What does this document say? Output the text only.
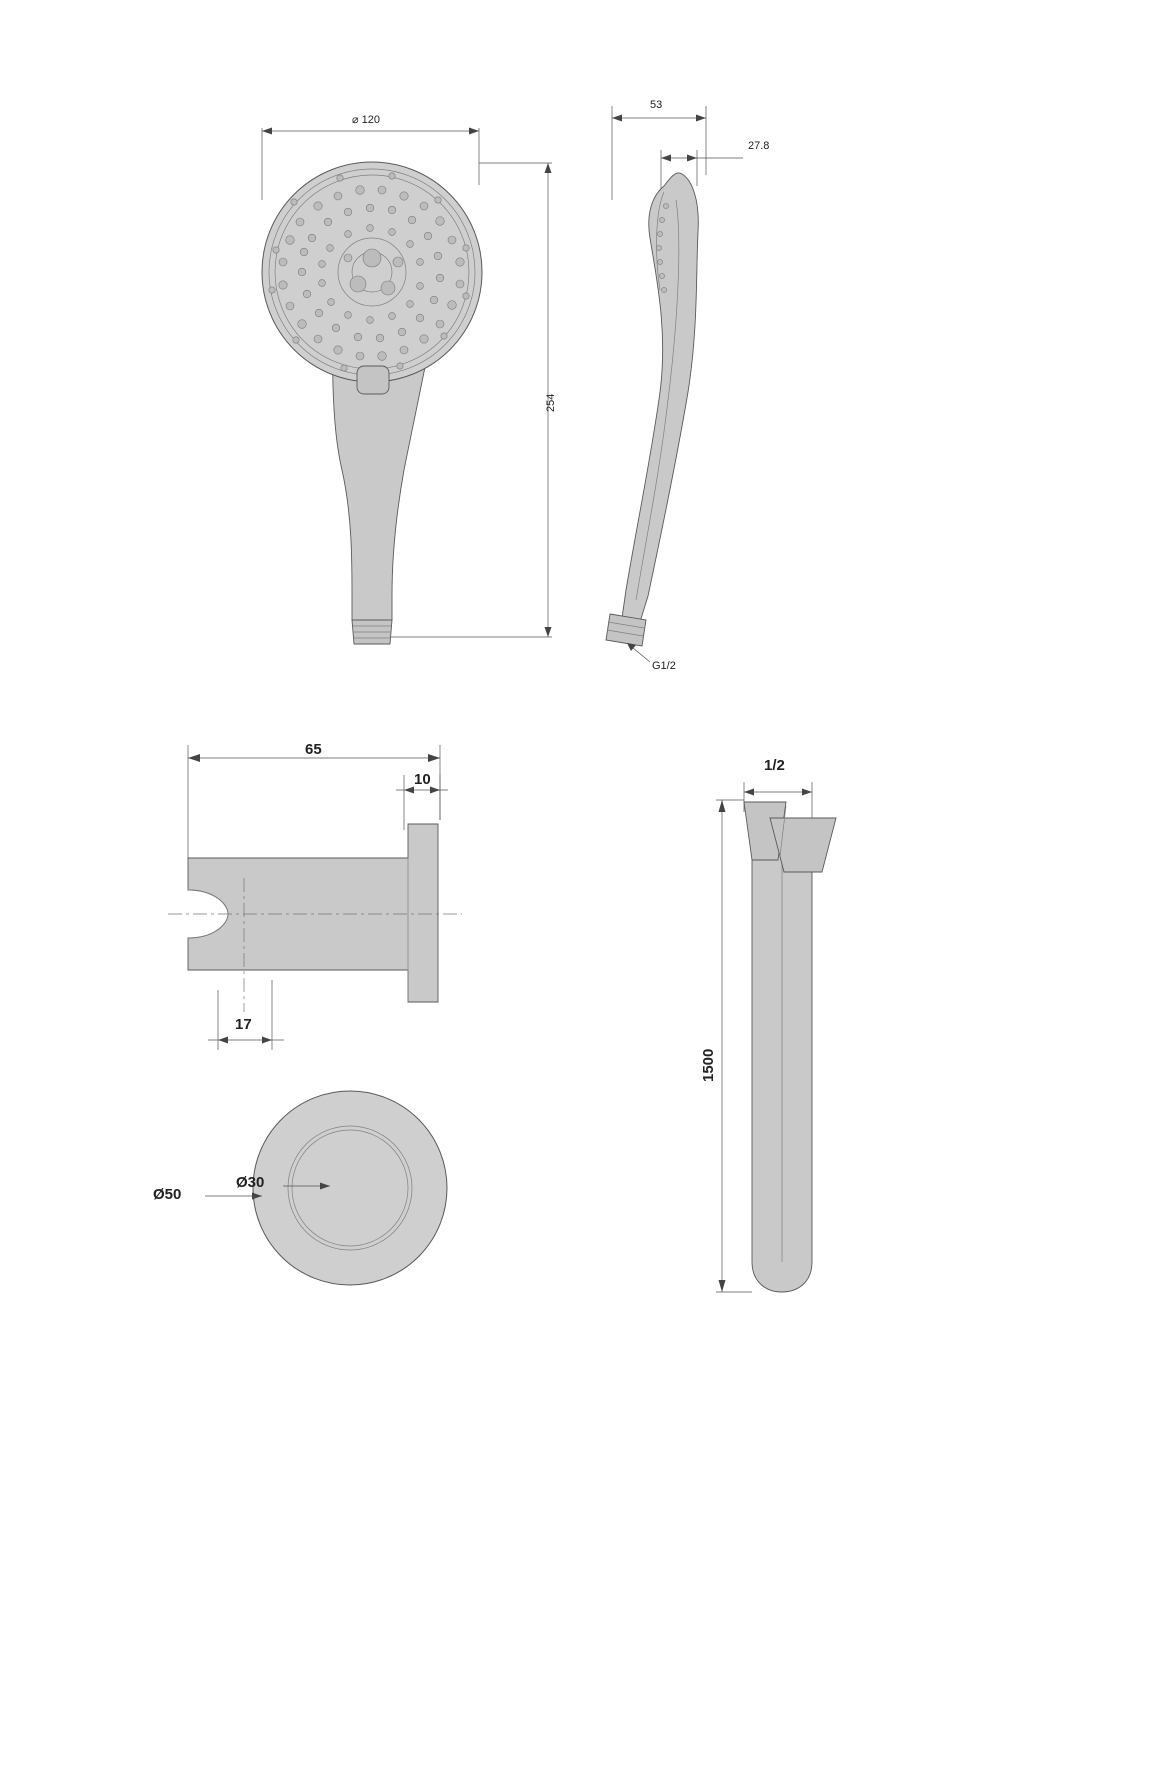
⌀ 120
254
53
27.8
G1/2
65
10
17
Ø50
Ø30
1/2
1500
